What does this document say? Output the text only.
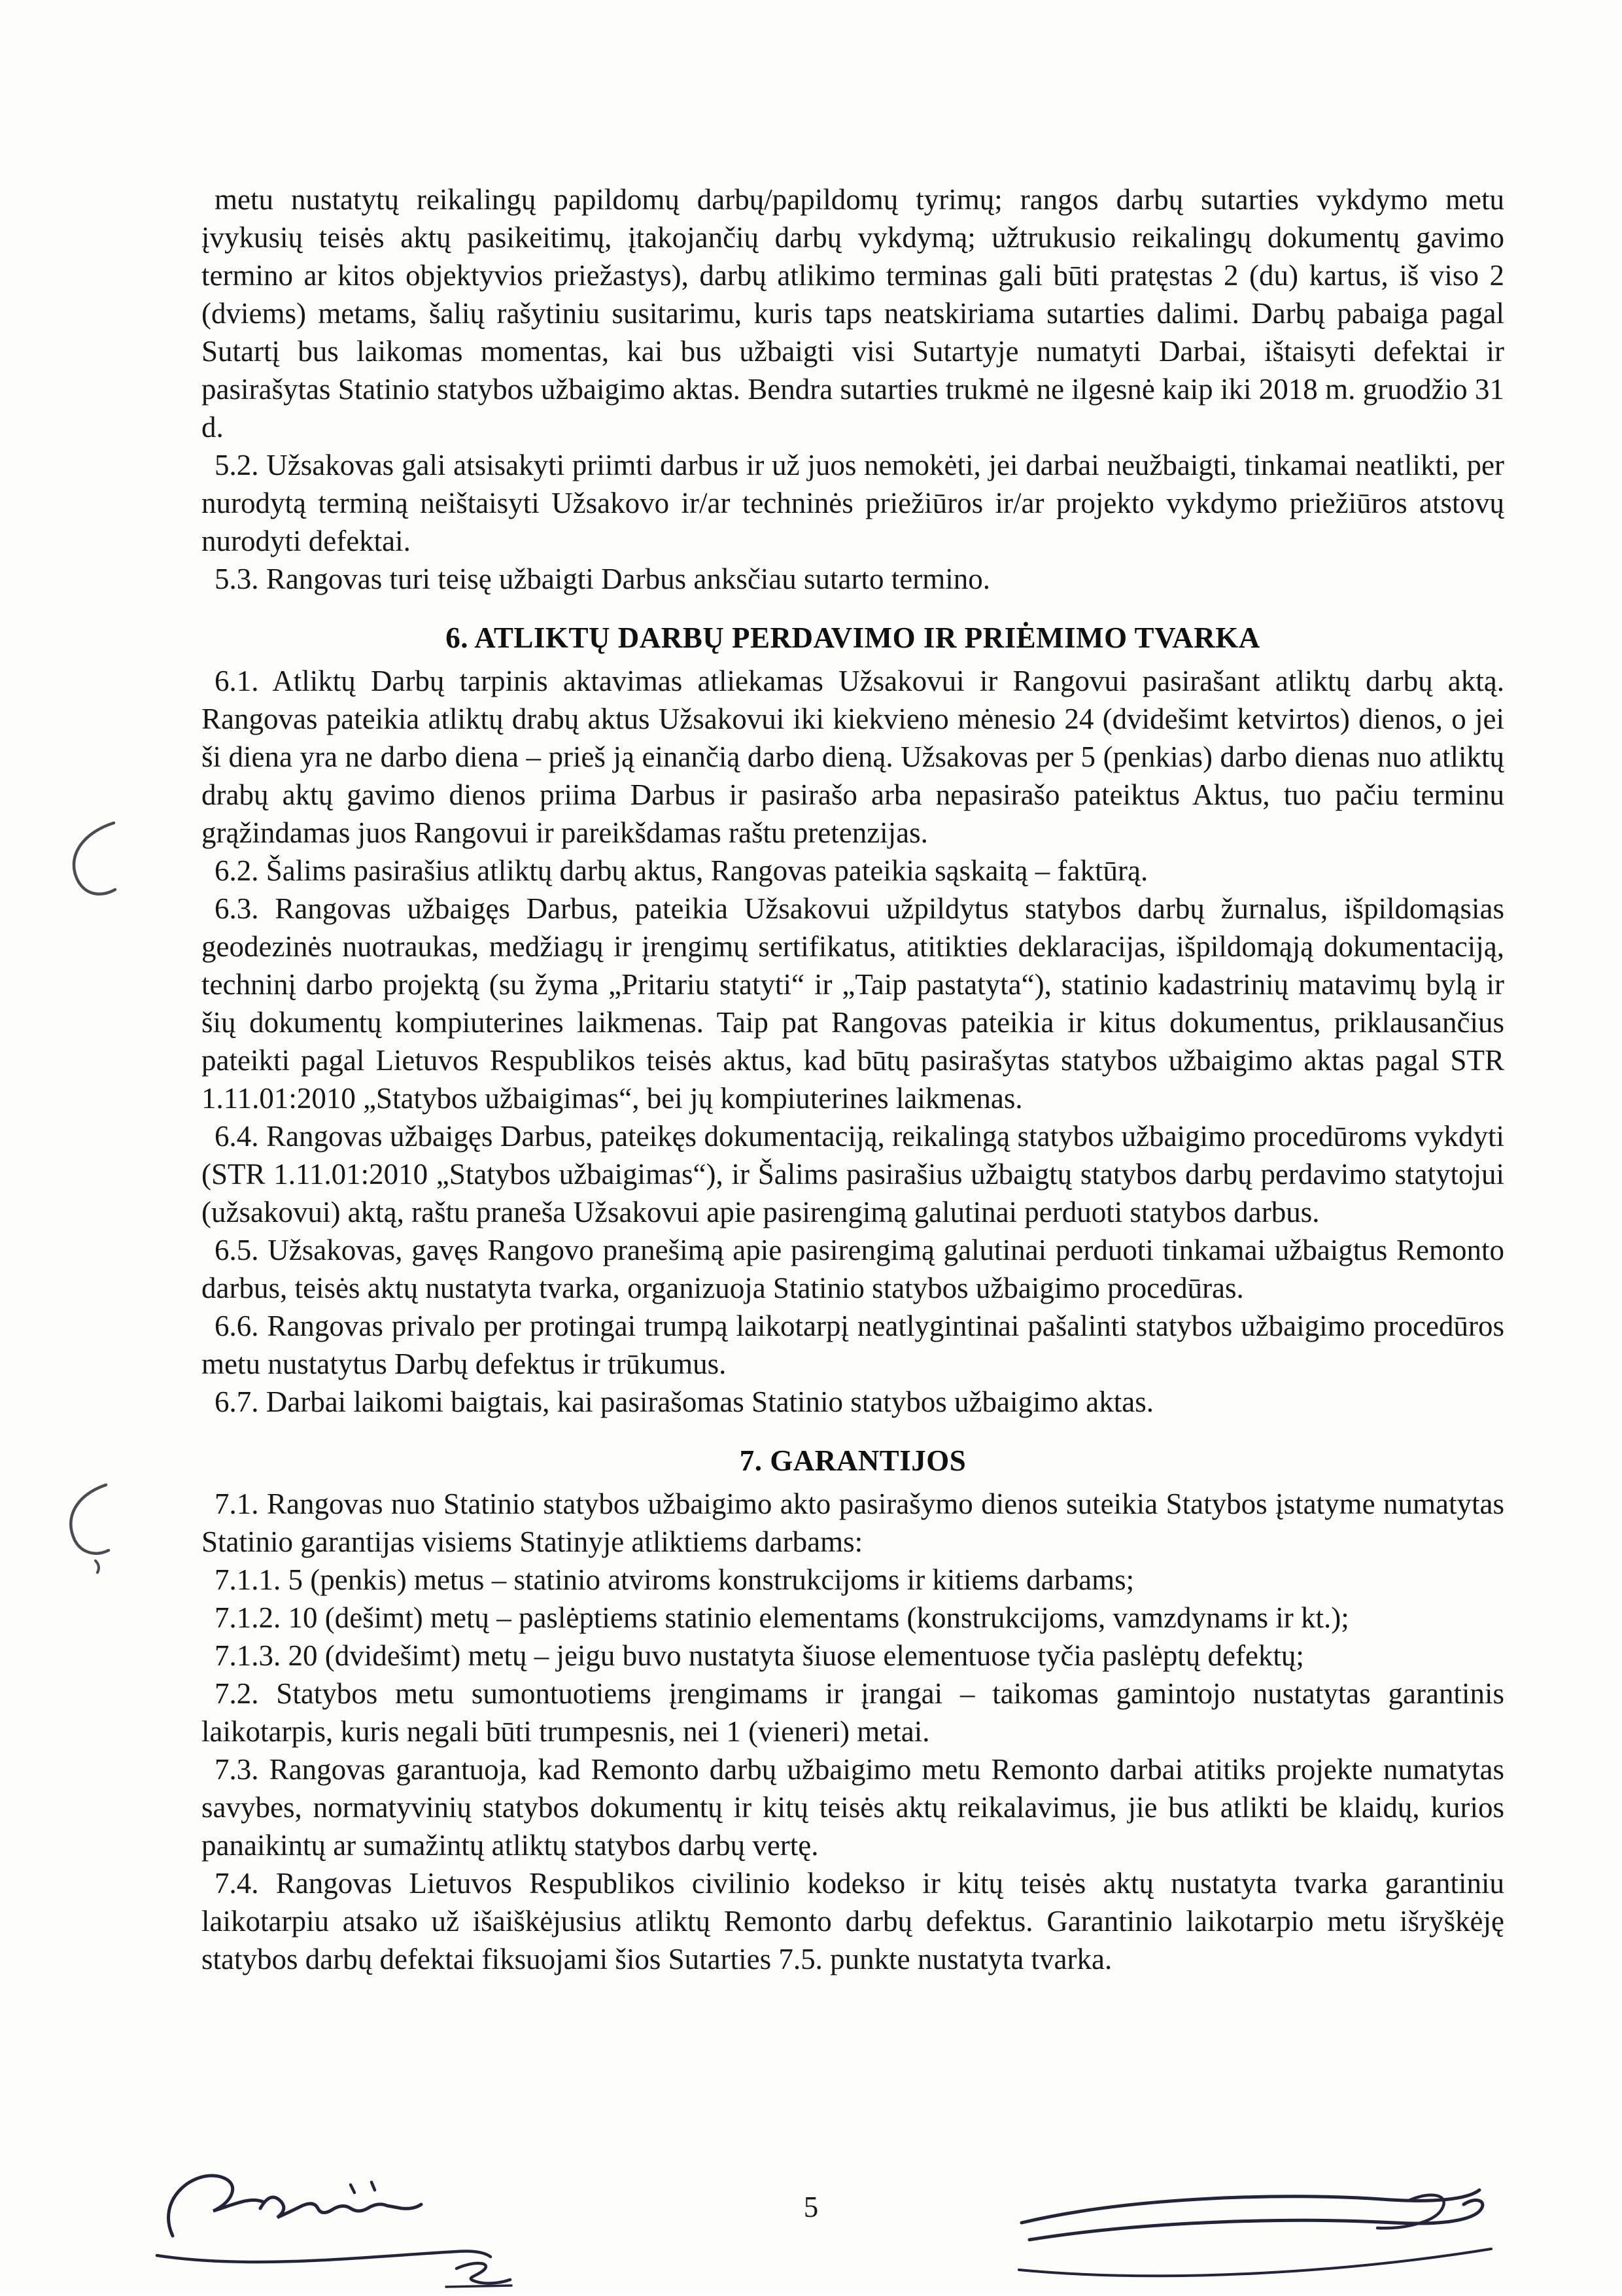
metu nustatytų reikalingų papildomų darbų/papildomų tyrimų; rangos darbų sutarties vykdymo metu įvykusių teisės aktų pasikeitimų, įtakojančių darbų vykdymą; užtrukusio reikalingų dokumentų gavimo termino ar kitos objektyvios priežastys), darbų atlikimo terminas gali būti pratęstas 2 (du) kartus, iš viso 2 (dviems) metams, šalių rašytiniu susitarimu, kuris taps neatskiriama sutarties dalimi. Darbų pabaiga pagal Sutartį bus laikomas momentas, kai bus užbaigti visi Sutartyje numatyti Darbai, ištaisyti defektai ir pasirašytas Statinio statybos užbaigimo aktas. Bendra sutarties trukmė ne ilgesnė kaip iki 2018 m. gruodžio 31 d.

5.2. Užsakovas gali atsisakyti priimti darbus ir už juos nemokėti, jei darbai neužbaigti, tinkamai neatlikti, per nurodytą terminą neištaisyti Užsakovo ir/ar techninės priežiūros ir/ar projekto vykdymo priežiūros atstovų nurodyti defektai.

5.3. Rangovas turi teisę užbaigti Darbus anksčiau sutarto termino.

6. ATLIKTŲ DARBŲ PERDAVIMO IR PRIĖMIMO TVARKA

6.1. Atliktų Darbų tarpinis aktavimas atliekamas Užsakovui ir Rangovui pasirašant atliktų darbų aktą. Rangovas pateikia atliktų drabų aktus Užsakovui iki kiekvieno mėnesio 24 (dvidešimt ketvirtos) dienos, o jei ši diena yra ne darbo diena – prieš ją einančią darbo dieną. Užsakovas per 5 (penkias) darbo dienas nuo atliktų drabų aktų gavimo dienos priima Darbus ir pasirašo arba nepasirašo pateiktus Aktus, tuo pačiu terminu grąžindamas juos Rangovui ir pareikšdamas raštu pretenzijas.

6.2. Šalims pasirašius atliktų darbų aktus, Rangovas pateikia sąskaitą – faktūrą.

6.3. Rangovas užbaigęs Darbus, pateikia Užsakovui užpildytus statybos darbų žurnalus, išpildomąsias geodezinės nuotraukas, medžiagų ir įrengimų sertifikatus, atitikties deklaracijas, išpildomąją dokumentaciją, techninį darbo projektą (su žyma „Pritariu statyti“ ir „Taip pastatyta“), statinio kadastrinių matavimų bylą ir šių dokumentų kompiuterines laikmenas. Taip pat Rangovas pateikia ir kitus dokumentus, priklausančius pateikti pagal Lietuvos Respublikos teisės aktus, kad būtų pasirašytas statybos užbaigimo aktas pagal STR 1.11.01:2010 „Statybos užbaigimas“, bei jų kompiuterines laikmenas.

6.4. Rangovas užbaigęs Darbus, pateikęs dokumentaciją, reikalingą statybos užbaigimo procedūroms vykdyti (STR 1.11.01:2010 „Statybos užbaigimas“), ir Šalims pasirašius užbaigtų statybos darbų perdavimo statytojui (užsakovui) aktą, raštu praneša Užsakovui apie pasirengimą galutinai perduoti statybos darbus.

6.5. Užsakovas, gavęs Rangovo pranešimą apie pasirengimą galutinai perduoti tinkamai užbaigtus Remonto darbus, teisės aktų nustatyta tvarka, organizuoja Statinio statybos užbaigimo procedūras.

6.6. Rangovas privalo per protingai trumpą laikotarpį neatlygintinai pašalinti statybos užbaigimo procedūros metu nustatytus Darbų defektus ir trūkumus.

6.7. Darbai laikomi baigtais, kai pasirašomas Statinio statybos užbaigimo aktas.

7. GARANTIJOS

7.1. Rangovas nuo Statinio statybos užbaigimo akto pasirašymo dienos suteikia Statybos įstatyme numatytas Statinio garantijas visiems Statinyje atliktiems darbams:

7.1.1. 5 (penkis) metus – statinio atviroms konstrukcijoms ir kitiems darbams;

7.1.2. 10 (dešimt) metų – paslėptiems statinio elementams (konstrukcijoms, vamzdynams ir kt.);

7.1.3. 20 (dvidešimt) metų – jeigu buvo nustatyta šiuose elementuose tyčia paslėptų defektų;

7.2. Statybos metu sumontuotiems įrengimams ir įrangai – taikomas gamintojo nustatytas garantinis laikotarpis, kuris negali būti trumpesnis, nei 1 (vieneri) metai.

7.3. Rangovas garantuoja, kad Remonto darbų užbaigimo metu Remonto darbai atitiks projekte numatytas savybes, normatyvinių statybos dokumentų ir kitų teisės aktų reikalavimus, jie bus atlikti be klaidų, kurios panaikintų ar sumažintų atliktų statybos darbų vertę.

7.4. Rangovas Lietuvos Respublikos civilinio kodekso ir kitų teisės aktų nustatyta tvarka garantiniu laikotarpiu atsako už išaiškėjusius atliktų Remonto darbų defektus. Garantinio laikotarpio metu išryškėję statybos darbų defektai fiksuojami šios Sutarties 7.5. punkte nustatyta tvarka.

5
